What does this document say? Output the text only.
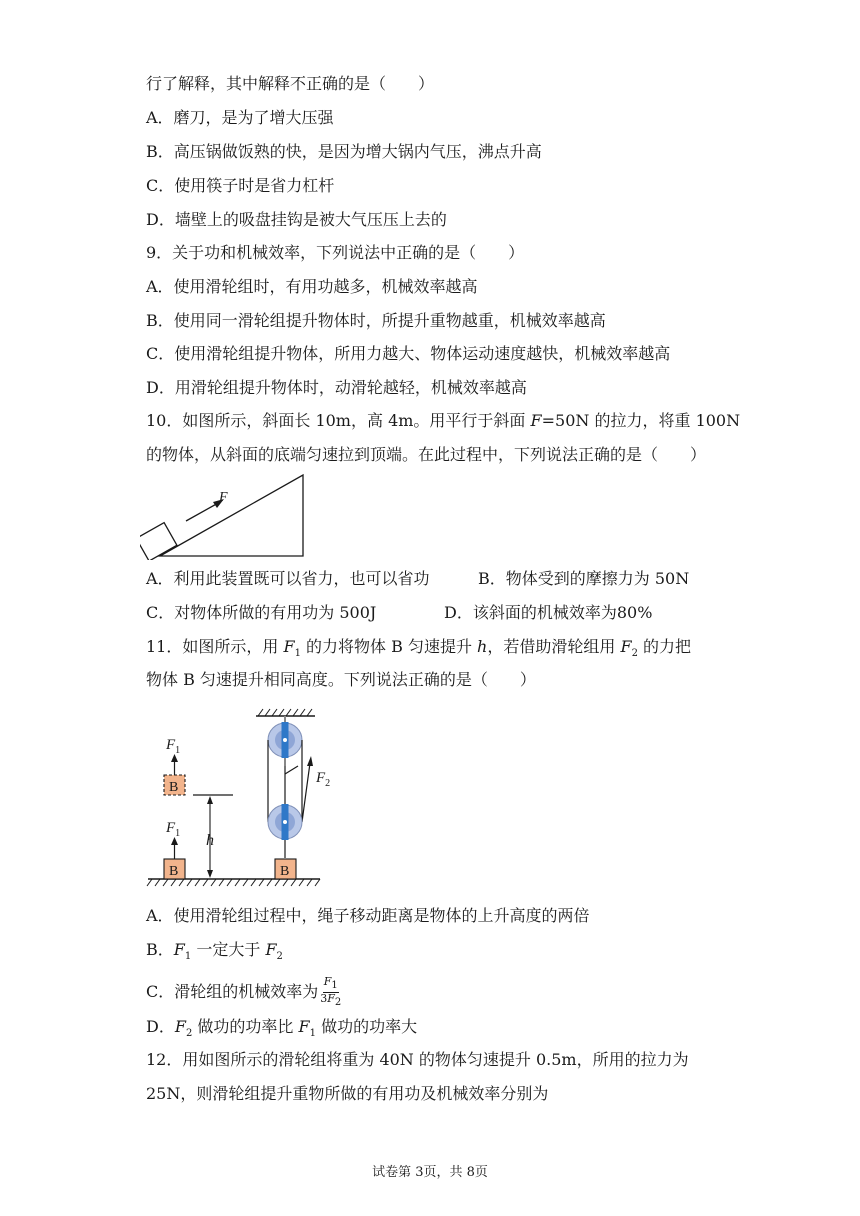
行了解释，其中解释不正确的是（　　）
A．磨刀，是为了增大压强
B．高压锅做饭熟的快，是因为增大锅内气压，沸点升高
C．使用筷子时是省力杠杆
D．墙壁上的吸盘挂钩是被大气压压上去的
9．关于功和机械效率，下列说法中正确的是（　　）
A．使用滑轮组时，有用功越多，机械效率越高
B．使用同一滑轮组提升物体时，所提升重物越重，机械效率越高
C．使用滑轮组提升物体，所用力越大、物体运动速度越快，机械效率越高
D．用滑轮组提升物体时，动滑轮越轻，机械效率越高
10．如图所示，斜面长 10m，高 4m。用平行于斜面 F=50N 的拉力，将重 100N
的物体，从斜面的底端匀速拉到顶端。在此过程中，下列说法正确的是（　　）
F
A．利用此装置既可以省力，也可以省功	B．物体受到的摩擦力为 50N
C．对物体所做的有用功为 500J	D．该斜面的机械效率为80%
11．如图所示，用 $F_1$ 的力将物体 B 匀速提升 h，若借助滑轮组用 $F_2$ 的力把
物体 B 匀速提升相同高度。下列说法正确的是（　　）
$F_2$
B
B
$F_1$
B
$F_1$
h
A．使用滑轮组过程中，绳子移动距离是物体的上升高度的两倍
B．$F_1$ 一定大于 $F_2$
C．滑轮组的机械效率为 $\frac{F_1}{3F_2}$
D．$F_2$ 做功的功率比 $F_1$ 做功的功率大
12．用如图所示的滑轮组将重为 40N 的物体匀速提升 0.5m，所用的拉力为
25N，则滑轮组提升重物所做的有用功及机械效率分别为
试卷第 3页，共 8页
